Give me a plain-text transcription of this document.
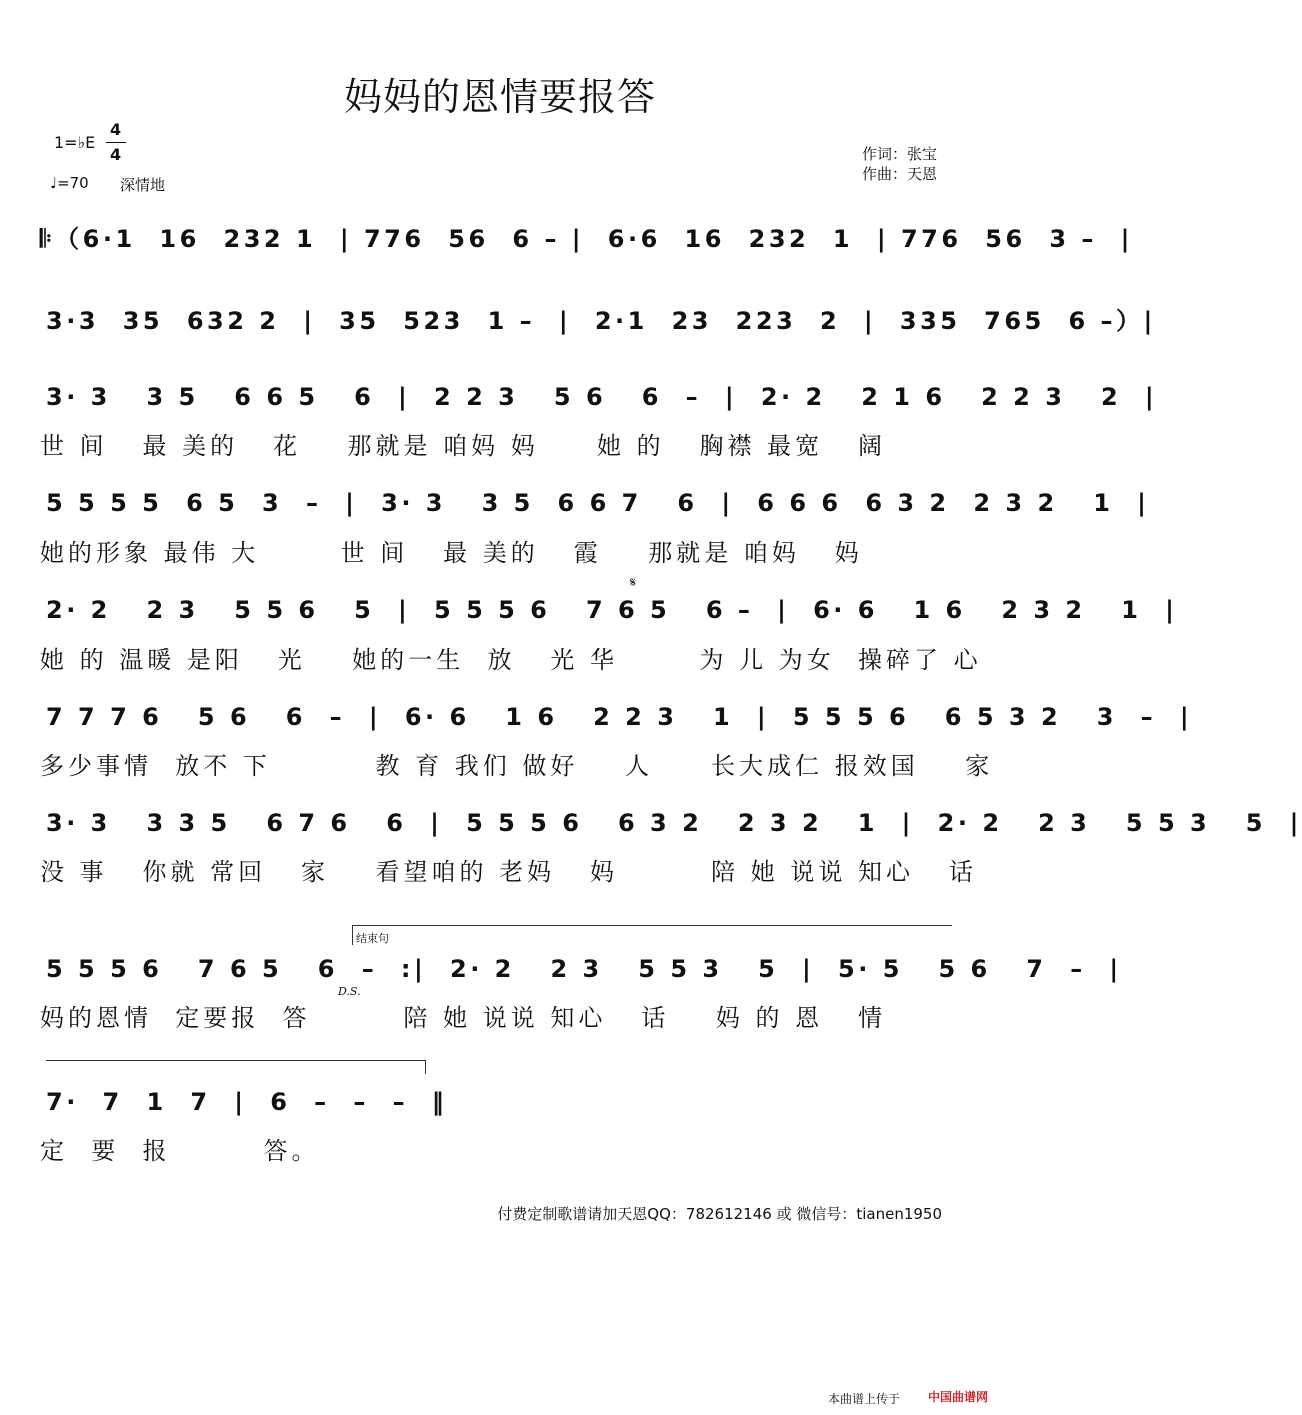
妈妈的恩情要报答
1=♭E
4
4
♩=70 深情地
作词：张宝
作曲：天恩
𝄆（6·1  16  232 1  | 776  56  6 – |  6·6  16  232  1  | 776  56  3 –  |
3·3  35  632 2  |  35  523  1 –  |  2·1  23  223  2  |  335  765  6 –）|
3· 3   3 5   6 6 5   6  |  2 2 3   5 6   6  –  |  2· 2   2 1 6   2 2 3   2  |
世 间   最 美的   花    那就是 咱妈 妈     她 的   胸襟 最宽   阔
5 5 5 5  6 5  3  –  |  3· 3   3 5  6 6 7   6  |  6 6 6  6 3 2  2 3 2   1  |
她的形象 最伟 大       世 间   最 美的   霞    那就是 咱妈   妈
𝄋
2· 2   2 3   5 5 6   5  |  5 5 5 6   7 6 5   6 –  |  6· 6   1 6   2 3 2   1  |
她 的 温暖 是阳   光    她的一生  放   光 华       为 儿 为女  操碎了 心
7 7 7 6   5 6   6  –  |  6· 6   1 6   2 2 3   1  |  5 5 5 6   6 5 3 2   3  –  |
多少事情  放不 下         教 育 我们 做好    人     长大成仁 报效国    家
3· 3   3 3 5   6 7 6   6  |  5 5 5 6   6 3 2   2 3 2   1  |  2· 2   2 3   5 5 3   5  |
没 事   你就 常回   家    看望咱的 老妈   妈        陪 她 说说 知心   话
结束句
5 5 5 6   7 6 5   6  –  :|  2· 2   2 3   5 5 3   5  |  5· 5   5 6   7  –  |
D.S.
妈的恩情  定要报  答        陪 她 说说 知心   话    妈 的 恩   情
7·  7  1  7  |  6  –  –  –  ‖
定  要  报        答。
付费定制歌谱请加天恩QQ：782612146 或 微信号：tianen1950
本曲谱上传于 中国曲谱网
